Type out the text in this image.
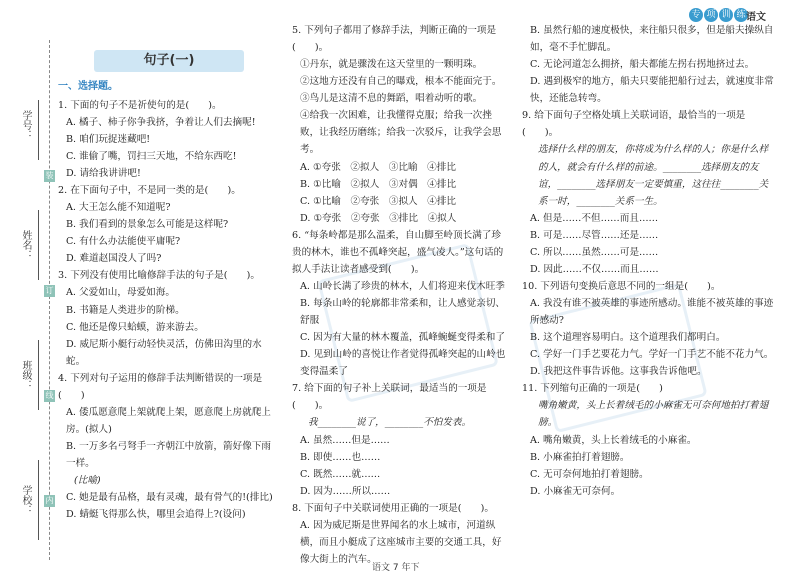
学号：
姓名：
班级：
学校：
装
订
线
内
专 项 训 练 语文
句子(一)
一、选择题。

1. 下面的句子不是祈使句的是(　　)。

A. 橘子、柿子你争我挤，争着让人们去摘呢!

B. 咱们玩捉迷藏吧!

C. 谁偷了嘴，罚扫三天地，不给东西吃!

D. 请给我讲讲吧!

2. 在下面句子中，不是同一类的是(　　)。

A. 大王怎么能不知道呢?

B. 我们看到的景象怎么可能是这样呢?

C. 有什么办法能使平庸呢?

D. 难道赵国没人了吗?

3. 下列没有使用比喻修辞手法的句子是(　　)。

A. 父爱如山，母爱如海。

B. 书籍是人类进步的阶梯。

C. 他还是像只蛤蟆，游来游去。

D. 威尼斯小艇行动轻快灵活，仿佛田沟里的水蛇。

4. 下列对句子运用的修辞手法判断错误的一项是(　　)

A. 倭瓜愿意爬上架就爬上架，愿意爬上房就爬上房。(拟人)

B. 一万多名弓弩手一齐朝江中放箭，箭好像下雨一样。

(比喻)

C. 她是最有品格，最有灵魂，最有骨气的!(排比)

D. 蜻蜓飞得那么快，哪里会追得上?(设问)

5. 下列句子都用了修辞手法，判断正确的一项是(　　)。

①丹东，就是骤泼在这天堂里的一颗明珠。

②这地方还没有自己的曝戏，根本不能面完于。

③鸟儿是这清不息的舞蹈，唱着动听的歌。

④给我一次困难，让我懂得克服；给我一次挫败，让我经历磨练；给我一次驳斥，让我学会思考。

A. ①夸张　②拟人　③比喻　④排比

B. ①比喻　②拟人　③对偶　④排比

C. ①比喻　②夸张　③拟人　④排比

D. ①夸张　②夸张　③排比　④拟人

6. “每条岭都是那么温柔，自山脚至岭顶长满了珍贵的林木，谁也不孤峰突起，盛气凌人。”这句话的拟人手法让读者感受到(　　)。

A. 山岭长满了珍贵的林木，人们将迎来伐木旺季

B. 每条山岭的轮廓都非常柔和，让人感觉亲切、舒服

C. 因为有大量的林木覆盖，孤峰蜿蜒变得柔和了

D. 见到山岭的喜悦让作者觉得孤峰突起的山岭也变得温柔了

7. 给下面的句子补上关联词，最适当的一项是(　　)。

我________说了，________不怕发表。

A. 虽然……但是……

B. 即使……也……

C. 既然……就……

D. 因为……所以……

8. 下面句子中关联词使用正确的一项是(　　)。

A. 因为威尼斯是世界闻名的水上城市，河道纵横，而且小艇成了这座城市主要的交通工具，好像大街上的汽车。

B. 虽然行船的速度极快，来往船只很多，但是船夫操纵自如，毫不手忙脚乱。

C. 无论河道怎么拥挤，船夫都能左拐右拐地挤过去。

D. 遇到极窄的地方，船夫只要能把船行过去，就速度非常快，还能急转弯。

9. 给下面句子空格处填上关联词语，最恰当的一项是(　　)。

选择什么样的朋友，你将成为什么样的人；你是什么样的人，就会有什么样的前途。________选择朋友的友谊，________选择朋友一定要慎重，这往往________关系一时，________关系一生。

A. 但是……不但……而且……

B. 可是……尽管……还是……

C. 所以……虽然……可是……

D. 因此……不仅……而且……

10. 下列语句变换后意思不同的一组是(　　)。

A. 我没有谁不被英雄的事迹所感动。谁能不被英雄的事迹所感动?

B. 这个道理容易明白。这个道理我们都明白。

C. 学好一门手艺要花力气。学好一门手艺不能不花力气。

D. 我把这件事告诉他。这事我告诉他吧。

11. 下列缩句正确的一项是(　　)

嘴角嫩黄，头上长着绒毛的小麻雀无可奈何地拍打着翅膀。

A. 嘴角嫩黄，头上长着绒毛的小麻雀。

B. 小麻雀拍打着翅膀。

C. 无可奈何地拍打着翅膀。

D. 小麻雀无可奈何。

语文 7 年下
